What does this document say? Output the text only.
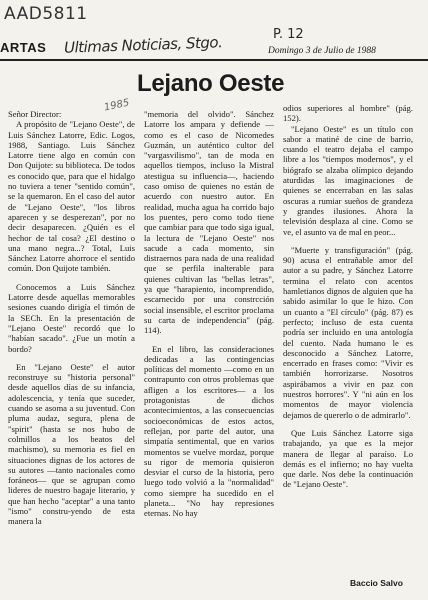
AAD5811
1985
ARTAS Ultimas Noticias, Stgo.	P. 12
Domingo 3 de Julio de 1988
Lejano Oeste

Señor Director:

A propósito de "Lejano Oeste", de Luis Sánchez Latorre, Edic. Logos, 1988, Santiago. Luis Sánchez Latorre tiene algo en común con Don Quijote: su biblioteca. De todos es conocido que, para que el hidalgo no tuviera a tener "sentido común", se la quemaron. En el caso del autor de "Lejano Oeste", "los libros aparecen y se desperezan", por no decir desaparecen. ¿Quién es el hechor de tal cosa? ¿El destino o una mano negra...? Total, Luis Sánchez Latorre ahorroce el sentido común. Don Quijote también.

Conocemos a Luis Sánchez Latorre desde aquellas memorables sesiones cuando dirigía el timón de la SECh. En la presentación de "Lejano Oeste" recordó que lo "habían sacado". ¿Fue un motín a bordo?

En "Lejano Oeste" el autor reconstruye su "historia personal" desde aquellos días de su infancia, adolescencia, y tenía que suceder, cuando se asoma a su juventud. Con pluma audaz, segura, plena de "spirit" (hasta se nos hubo de colmillos a los beatos del machismo), su memoria es fiel en situaciones dignas de los actores de su autores —tanto nacionales como foráneos— que se agrupan como lideres de nuestro bagaje literario, y que han hecho "aceptar" a una tanto "ismo" constru-yendo de esta manera la

"memoria del olvido". Sánchez Latorre los ampara y defiende —como es el caso de Nicomedes Guzmán, un auténtico cultor del "vargasvilismo", tan de moda en aquellos tiempos, incluso la Mistral atestigua su influencia—, haciendo caso omiso de quienes no están de acuerdo con nuestro autor. En realidad, mucha agua ha corrido bajo los puentes, pero como todo tiene que cambiar para que todo siga igual, la lectura de "Lejano Oeste" nos sacude a cada momento, sin distraernos para nada de una realidad que se perfila inalterable para quienes cultivan las "bellas letras", ya que "harapiento, incomprendido, escarnecido por una constrcción social insensible, el escritor proclama su carta de independencia" (pág. 114).

En el libro, las consideraciones dedicadas a las contingencias políticas del momento —como en un contrapunto con otros problemas que afligen a los escritores— a los protagonistas de dichos acontecimientos, a las consecuencias socioeconómicas de estos actos, reflejan, por parte del autor, una simpatía sentimental, que en varios momentos se vuelve mordaz, porque su rigor de memoria quisieron desviar el curso de la historia, pero luego todo volvió a la "normalidad" como siempre ha sucedido en el planeta... "No hay represiones eternas. No hay

odios superiores al hombre" (pág. 152).

"Lejano Oeste" es un título con sabor a matiné de cine de barrio, cuando el teatro dejaba el campo libre a los "tiempos modernos", y el biógrafo se alzaba olímpico dejando aturdidas las imaginaciones de quienes se encerraban en las salas oscuras a rumiar sueños de grandeza y grandes ilusiones. Ahora la televisión desplaza al cine. Como se ve, el asunto va de mal en peor...

"Muerte y transfiguración" (pág. 90) acusa el entrañable amor del autor a su padre, y Sánchez Latorre termina el relato con acentos hamletianos dignos de alguien que ha sabido asimilar lo que le hizo. Con un cuanto a "El círculo" (pág. 87) es perfecto; incluso de esta cuenta podría ser incluido en una antología del cuento. Nada humano le es desconocido a Sánchez Latorre, encerrado en frases como: "Vivir es también horrorizarse. Nosotros aspirábamos a vivir en paz con nuestros horrores". Y "ni aún en los momentos de mayor violencia dejamos de quererlo o de admirarlo".

Que Luis Sánchez Latorre siga trabajando, ya que es la mejor manera de llegar al paraíso. Lo demás es el infierno; no hay vuelta que darle. Nos debe la continuación de "Lejano Oeste".

Baccio Salvo
